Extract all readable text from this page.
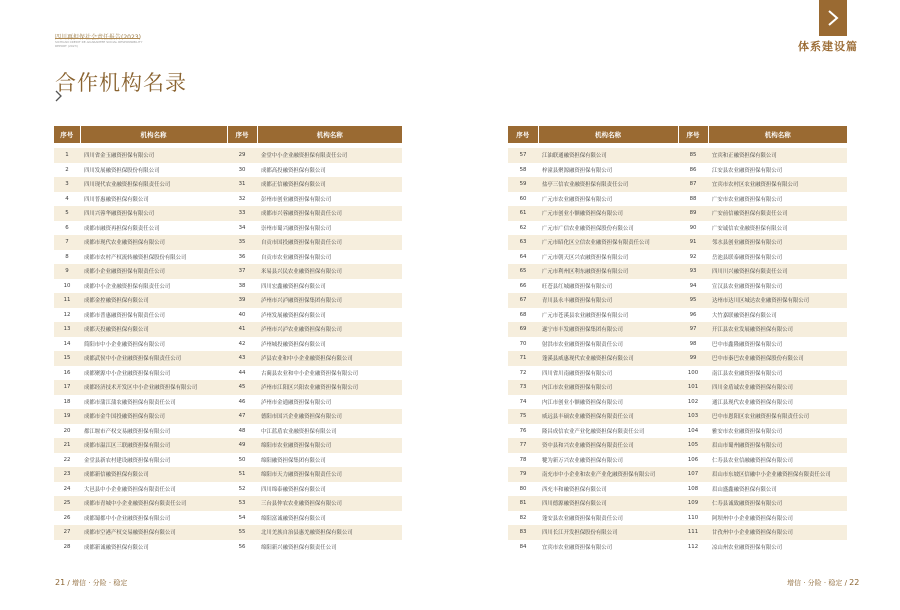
四川再担保社会责任报告(2023)
SICHUAN CREDIT RE-GUARANTEE SOCIAL RESPONSIBILITY REPORT (2023)	体系建设篇
合作机构名录
序号	机构名称	序号	机构名称

1	四川省金玉融资担保有限公司	29	金堂中小企业融资担保有限责任公司
2	四川发展融资担保股份有限公司	30	成都高投融资担保有限公司
3	四川现代农业融资担保有限责任公司	31	成都正信融资担保有限公司
4	四川普惠融资担保有限公司	32	彭州市创业融资担保有限公司
5	四川兴蓉华融资担保有限公司	33	成都市兴蓉融资担保有限责任公司
6	成都市融资再担保有限责任公司	34	崇州市蜀兴融资担保有限公司
7	成都市现代农业融资担保有限公司	35	自贡市国投融资担保有限责任公司
8	成都市农村产权流转融资担保股份有限公司	36	自贡市农业融资担保有限公司
9	成都小企业融资担保有限责任公司	37	米易县兴民农业融资担保有限公司
10	成都中小企业融资担保有限责任公司	38	四川宏鑫融资担保有限公司
11	成都金控融资担保有限公司	39	泸州市兴泸融资担保集团有限公司
12	成都市普惠融资担保有限责任公司	40	泸州发展融资担保有限公司
13	成都天投融资担保有限公司	41	泸州市兴泸农业融资担保有限公司
14	简阳市中小企业融资担保有限公司	42	泸州城投融资担保有限公司
15	成都武侯中小企业融资担保有限责任公司	43	泸县农业和中小企业融资担保有限公司
16	成都聚源中小企业融资担保有限公司	44	古蔺县农业和中小企业融资担保有限公司
17	成都经济技术开发区中小企业融资担保有限公司	45	泸州市江阳区兴阳农业融资担保有限公司
18	成都市蒲江蒲农融资担保有限责任公司	46	泸州市金通融资担保有限公司
19	成都市金牛国投融资担保有限公司	47	德阳市国兴企业融资担保有限公司
20	都江堰市产权交易融资担保有限公司	48	中江蓝盾农业融资担保有限公司
21	成都市温江区三联融资担保有限公司	49	绵阳市农业融资担保有限公司
22	金堂县新农村建设融资担保有限公司	50	绵阳融资担保集团有限公司
23	成都新信融资担保有限公司	51	绵阳市天力融资担保有限责任公司
24	大邑县中小企业融资担保有限责任公司	52	四川绵泰融资担保有限公司
25	成都市青城中小企业融资担保有限责任公司	53	三台县仲农农业融资担保有限公司
26	成都蜀都中小企业融资担保有限公司	54	绵阳富诚融资担保有限公司
27	成都市空港产权交易融资担保有限公司	55	北川羌族自治县惠羌融资担保有限公司
28	成都新诚融资担保有限公司	56	绵阳新兴融资担保有限责任公司
序号	机构名称	序号	机构名称

57	江油联通融资担保有限公司	85	宜宾和正融资担保有限公司
58	梓潼县聚源融资担保有限公司	86	江安县农业融资担保有限公司
59	盐亭三信农业融资担保有限责任公司	87	宜宾市农村区农业融资担保有限公司
60	广元市农业融资担保有限公司	88	广安市农业融资担保有限公司
61	广元市创业小额融资担保有限公司	89	广安前信融资担保有限责任公司
62	广元市广信农业融资担保股份有限公司	90	广安诚信农业融资担保有限公司
63	广元市昭化区立信农业融资担保有限责任公司	91	邻水县创业融资担保有限公司
64	广元市朝天区兴农融资担保有限公司	92	岳池县联泰融资担保有限公司
65	广元市利州区利东融资担保有限公司	93	四川川兴融资担保有限责任公司
66	旺苍县红城融资担保有限公司	94	宣汉县农业融资担保有限公司
67	青川县永丰融资担保有限公司	95	达州市达川区城达农业融资担保有限公司
68	广元市苍溪县农业融资担保有限公司	96	大竹嘉联融资担保有限公司
69	遂宁市丰发融资担保集团有限公司	97	开江县农业发展融资担保有限公司
70	射洪市农业融资担保有限责任公司	98	巴中市鑫隆融资担保有限公司
71	蓬溪县威惠现代农业融资担保有限公司	99	巴中市秦巴农业融资担保股份有限公司
72	四川省川南融资担保有限公司	100	南江县农业融资担保有限公司
73	内江市农业融资担保有限公司	101	四川金盾诚农业融资担保有限公司
74	内江市创业小额融资担保有限公司	102	通江县现代农业融资担保有限公司
75	威远县丰硕农业融资担保有限责任公司	103	巴中市恩阳区农业融资担保有限责任公司
76	隆昌成信农业产业化融资担保有限责任公司	104	雅安市农业融资担保有限公司
77	资中县和兴农业融资担保有限责任公司	105	眉山市蜀州融资担保有限公司
78	犍为新万兴农业融资担保有限公司	106	仁寿县农业信融融资担保有限公司
79	南充市中小企业和农业产业化融资担保有限公司	107	眉山市东坡区信融中小企业融资担保有限责任公司
80	西充丰和融资担保有限公司	108	眉山盛鑫融资担保有限公司
81	四川德源融资担保有限公司	109	仁寿县诚致融资担保有限公司
82	蓬安县农业融资担保有限责任公司	110	阿坝州中小企业融资担保有限公司
83	四川长江开发担保股份有限公司	111	甘孜州中小企业融资担保有限公司
84	宜宾市农业融资担保有限公司	112	凉山州农业融资担保有限公司
21 / 增信 · 分险 · 稳定	增信 · 分险 · 稳定 / 22
